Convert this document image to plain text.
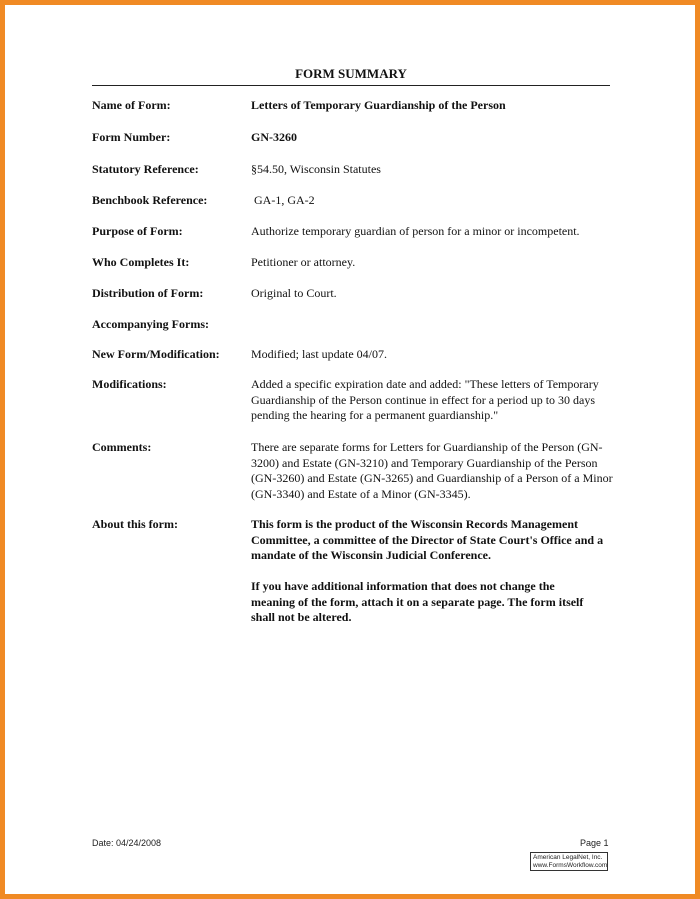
FORM SUMMARY
Name of Form:	Letters of Temporary Guardianship of the Person
Form Number:	GN-3260
Statutory Reference:	§54.50, Wisconsin Statutes
Benchbook Reference:	GA-1, GA-2
Purpose of Form:	Authorize temporary guardian of person for a minor or incompetent.
Who Completes It:	Petitioner or attorney.
Distribution of Form:	Original to Court.
Accompanying Forms:
New Form/Modification:	Modified; last update 04/07.
Modifications:	Added a specific expiration date and added: "These letters of Temporary Guardianship of the Person continue in effect for a period up to 30 days pending the hearing for a permanent guardianship."
Comments:	There are separate forms for Letters for Guardianship of the Person (GN-3200) and Estate (GN-3210) and Temporary Guardianship of the Person (GN-3260) and Estate (GN-3265) and Guardianship of a Person of a Minor (GN-3340) and Estate of a Minor (GN-3345).
About this form:	This form is the product of the Wisconsin Records Management Committee, a committee of the Director of State Court's Office and a mandate of the Wisconsin Judicial Conference.
If you have additional information that does not change the meaning of the form, attach it on a separate page. The form itself shall not be altered.
Date: 04/24/2008	Page 1
American LegalNet, Inc.
www.FormsWorkflow.com
